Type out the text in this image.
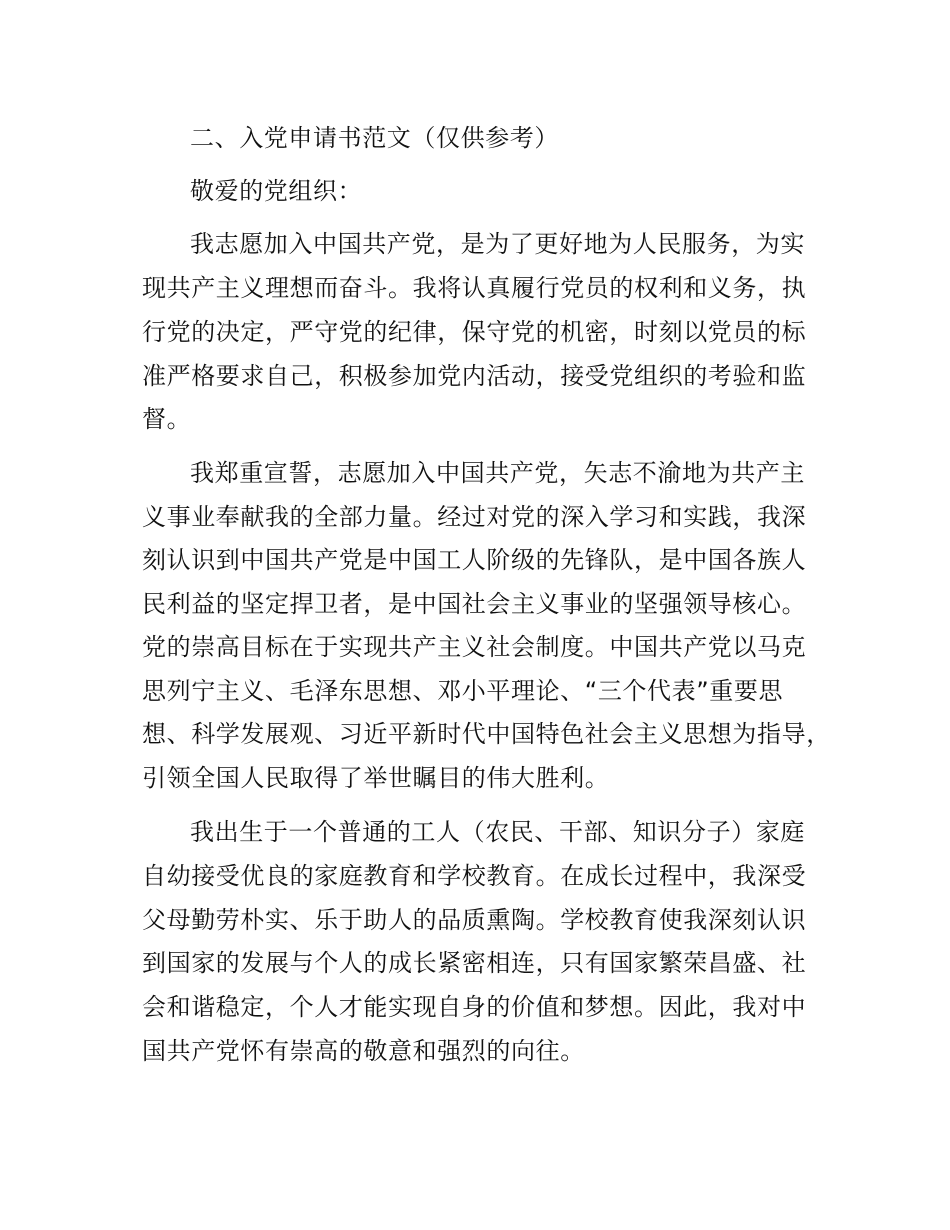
二、入党申请书范文（仅供参考）
敬爱的党组织：
我志愿加入中国共产党，是为了更好地为人民服务，为实
现共产主义理想而奋斗。我将认真履行党员的权利和义务，执
行党的决定，严守党的纪律，保守党的机密，时刻以党员的标
准严格要求自己，积极参加党内活动，接受党组织的考验和监
督。
我郑重宣誓，志愿加入中国共产党，矢志不渝地为共产主
义事业奉献我的全部力量。经过对党的深入学习和实践，我深
刻认识到中国共产党是中国工人阶级的先锋队，是中国各族人
民利益的坚定捍卫者，是中国社会主义事业的坚强领导核心。
党的崇高目标在于实现共产主义社会制度。中国共产党以马克
思列宁主义、毛泽东思想、邓小平理论、“三个代表”重要思
想、科学发展观、习近平新时代中国特色社会主义思想为指导，
引领全国人民取得了举世瞩目的伟大胜利。
我出生于一个普通的工人（农民、干部、知识分子）家庭
自幼接受优良的家庭教育和学校教育。在成长过程中，我深受
父母勤劳朴实、乐于助人的品质熏陶。学校教育使我深刻认识
到国家的发展与个人的成长紧密相连，只有国家繁荣昌盛、社
会和谐稳定，个人才能实现自身的价值和梦想。因此，我对中
国共产党怀有崇高的敬意和强烈的向往。
